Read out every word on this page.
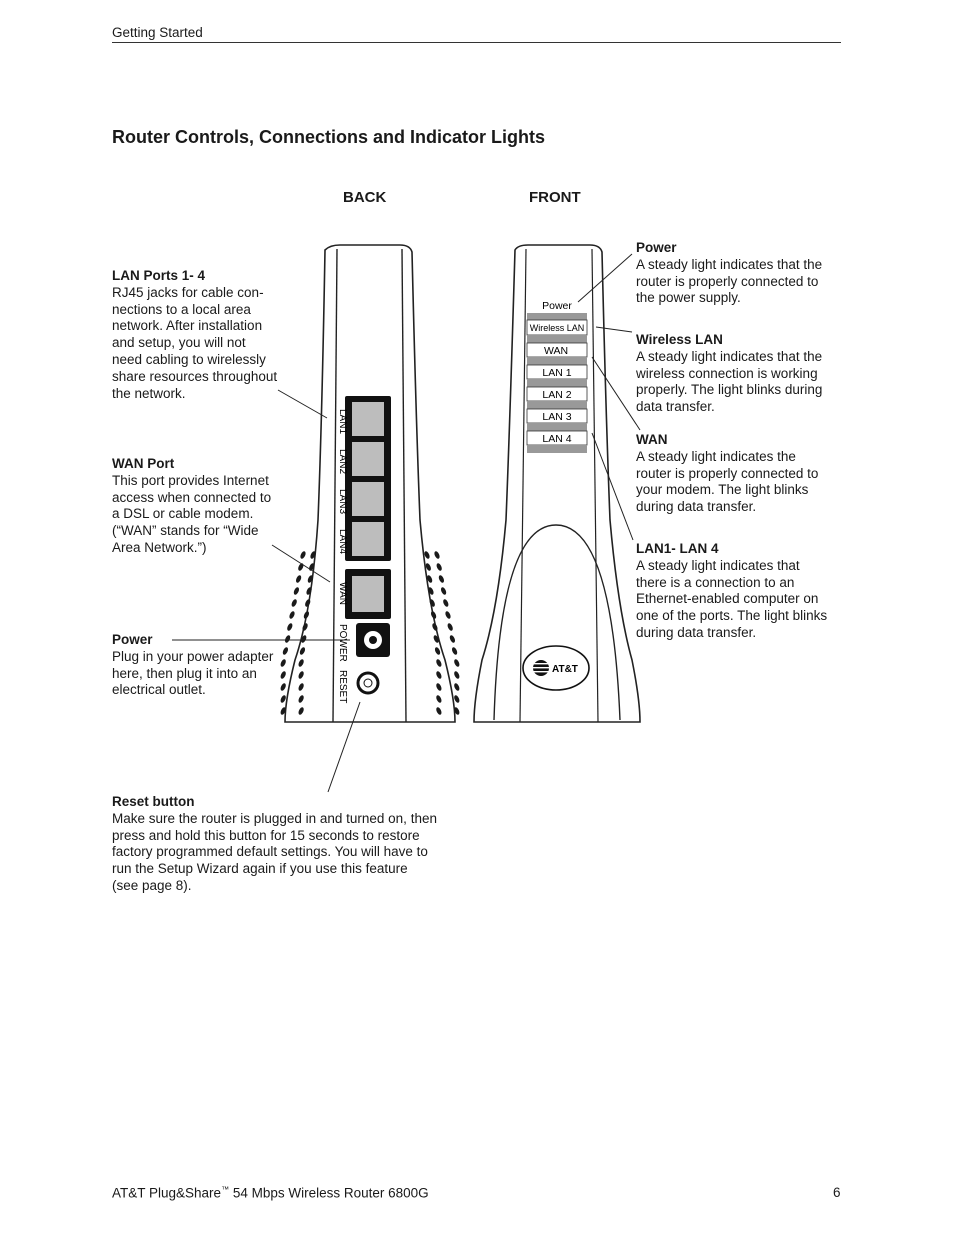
Getting Started
Router Controls, Connections and Indicator Lights
BACK	FRONT
LAN1
LAN2
LAN3
LAN4
WAN
POWER
RESET
Power
Wireless LAN
WAN
LAN 1
LAN 2
LAN 3
LAN 4
AT&T
LAN Ports 1- 4
RJ45 jacks for cable con-
nections to a local area
network. After installation
and setup, you will not
need cabling to wirelessly
share resources throughout
the network.
WAN Port
This port provides Internet
access when connected to
a DSL or cable modem.
(“WAN” stands for “Wide
Area Network.”)
Power
Plug in your power adapter
here, then plug it into an
electrical outlet.
Reset button
Make sure the router is plugged in and turned on, then
press and hold this button for 15 seconds to restore
factory programmed default settings. You will have to
run the Setup Wizard again if you use this feature
(see page 8).
Power
A steady light indicates that the
router is properly connected to
the power supply.
Wireless LAN
A steady light indicates that the
wireless connection is working
properly. The light blinks during
data transfer.
WAN
A steady light indicates the
router is properly connected to
your modem. The light blinks
during data transfer.
LAN1- LAN 4
A steady light indicates that
there is a connection to an
Ethernet-enabled computer on
one of the ports. The light blinks
during data transfer.
AT&T Plug&Share™ 54 Mbps Wireless Router 6800G	6
